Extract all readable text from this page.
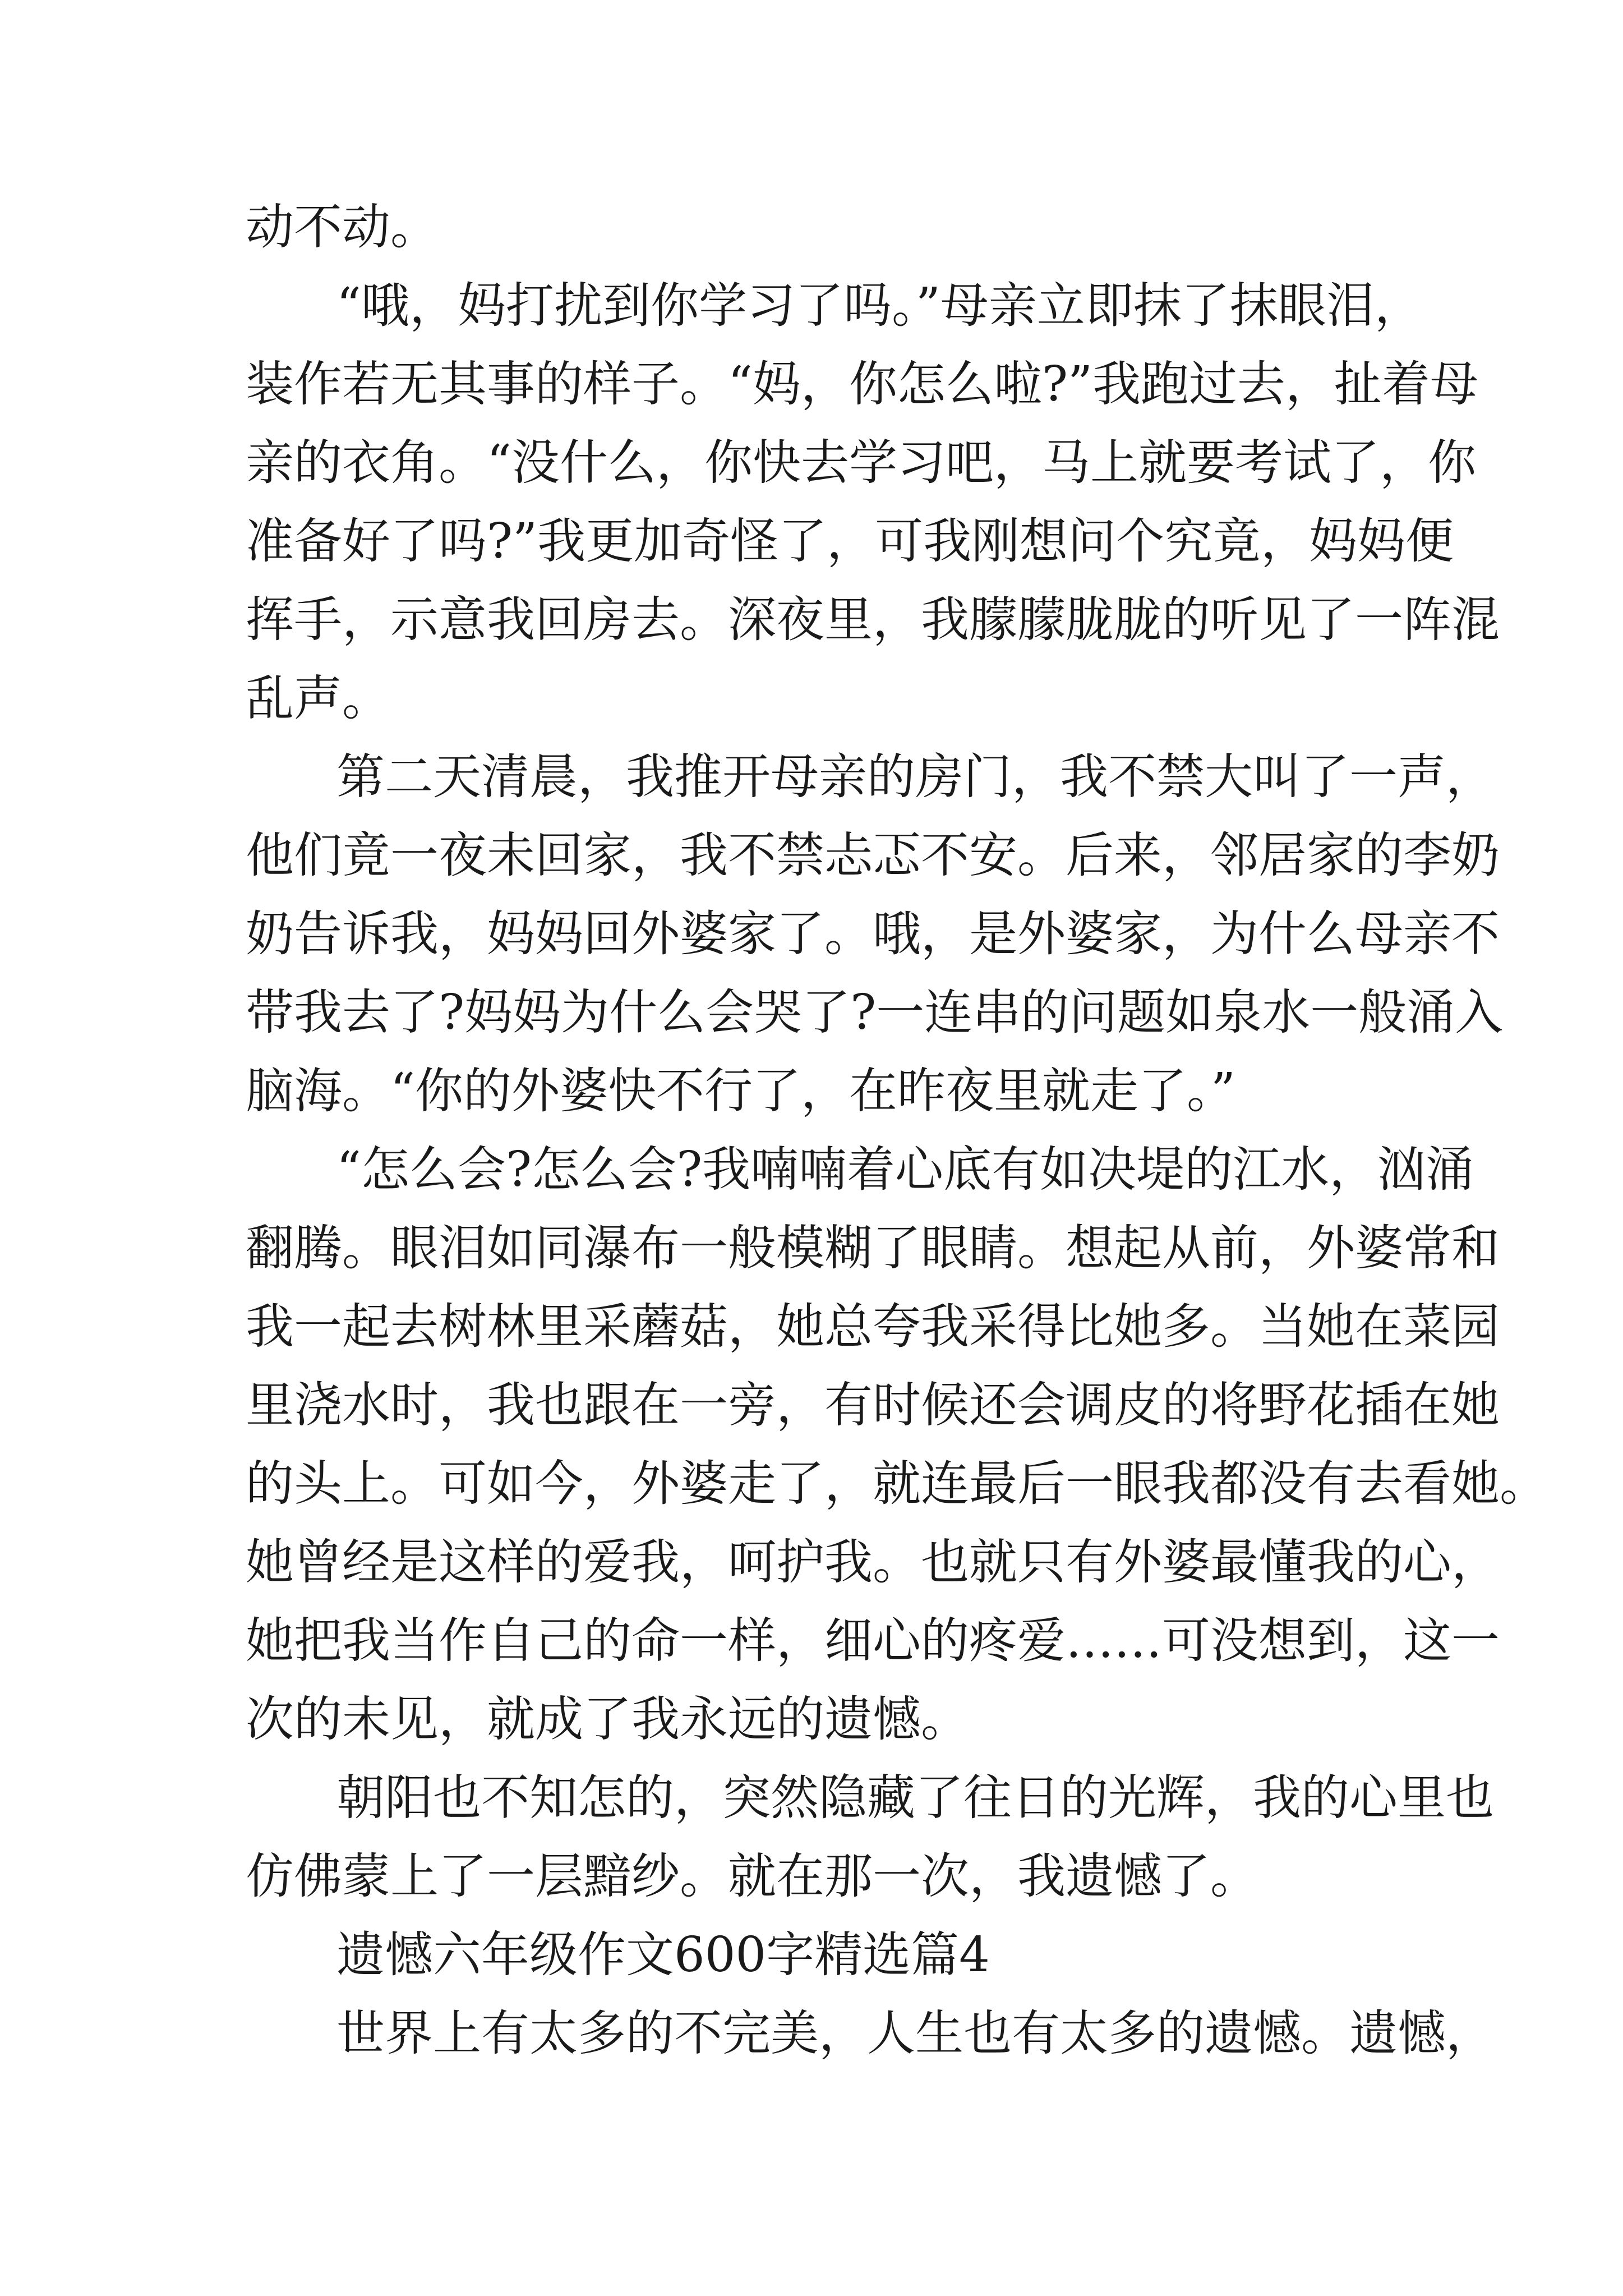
动不动。
“哦，妈打扰到你学习了吗。”母亲立即抹了抹眼泪，
装作若无其事的样子。“妈，你怎么啦?”我跑过去，扯着母
亲的衣角。“没什么，你快去学习吧，马上就要考试了，你
准备好了吗?”我更加奇怪了，可我刚想问个究竟，妈妈便
挥手，示意我回房去。深夜里，我朦朦胧胧的听见了一阵混
乱声。
第二天清晨，我推开母亲的房门，我不禁大叫了一声，
他们竟一夜未回家，我不禁忐忑不安。后来，邻居家的李奶
奶告诉我，妈妈回外婆家了。哦，是外婆家，为什么母亲不
带我去了?妈妈为什么会哭了?一连串的问题如泉水一般涌入
脑海。“你的外婆快不行了，在昨夜里就走了。”
“怎么会?怎么会?我喃喃着心底有如决堤的江水，汹涌
翻腾。眼泪如同瀑布一般模糊了眼睛。想起从前，外婆常和
我一起去树林里采蘑菇，她总夸我采得比她多。当她在菜园
里浇水时，我也跟在一旁，有时候还会调皮的将野花插在她
的头上。可如今，外婆走了，就连最后一眼我都没有去看她。
她曾经是这样的爱我，呵护我。也就只有外婆最懂我的心，
她把我当作自己的命一样，细心的疼爱……可没想到，这一
次的未见，就成了我永远的遗憾。
朝阳也不知怎的，突然隐藏了往日的光辉，我的心里也
仿佛蒙上了一层黯纱。就在那一次，我遗憾了。
遗憾六年级作文600字精选篇4
世界上有太多的不完美，人生也有太多的遗憾。遗憾，
